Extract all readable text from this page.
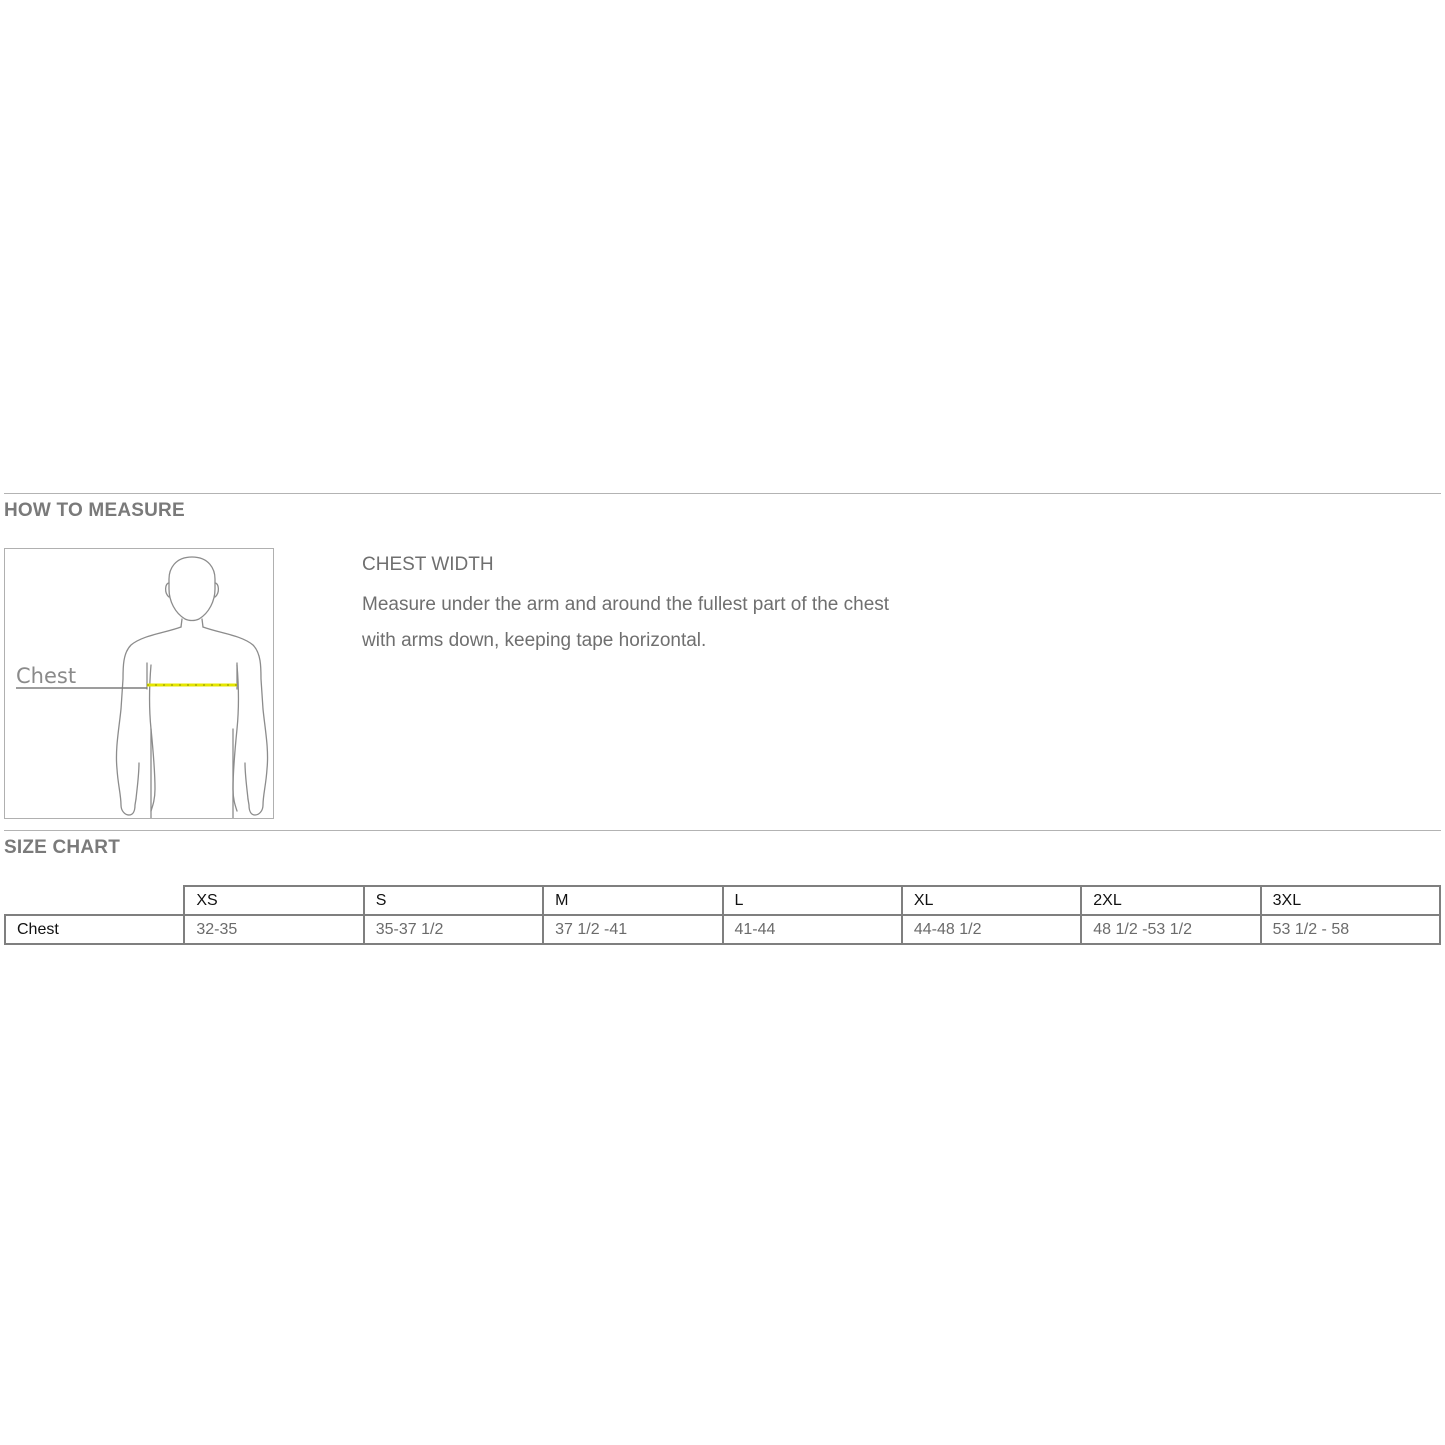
HOW TO MEASURE
Chest
CHEST WIDTH
Measure under the arm and around the fullest part of the chest
with arms down, keeping tape horizontal.
SIZE CHART
	XS	S	M	L	XL	2XL	3XL
Chest	32-35	35-37 1/2	37 1/2 -41	41-44	44-48 1/2	48 1/2 -53 1/2	53 1/2 - 58
